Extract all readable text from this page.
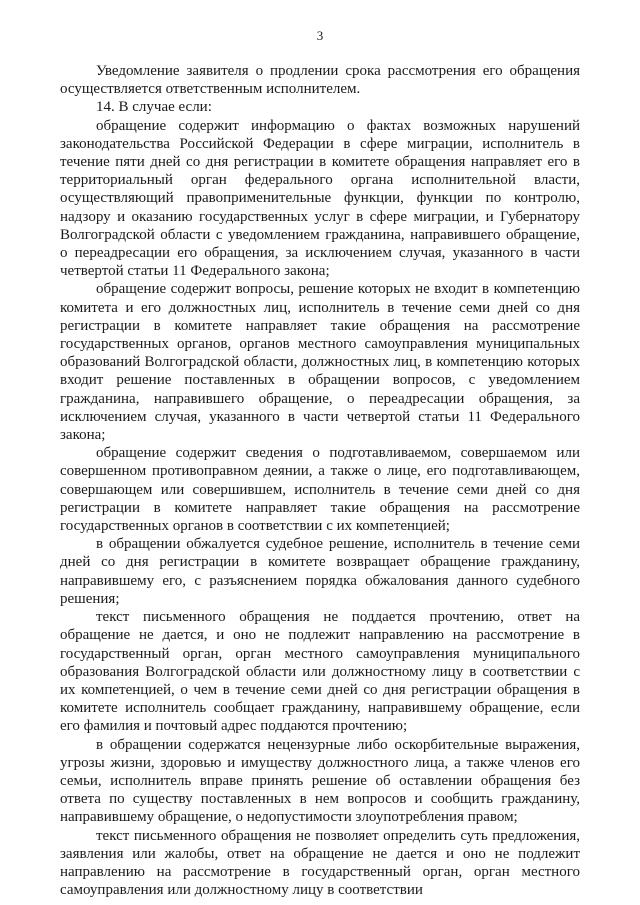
3

Уведомление заявителя о продлении срока рассмотрения его обращения осуществляется ответственным исполнителем.

14. В случае если:

обращение содержит информацию о фактах возможных нарушений законодательства Российской Федерации в сфере миграции, исполнитель в течение пяти дней со дня регистрации в комитете обращения направляет его в территориальный орган федерального органа исполнительной власти, осуществляющий правоприменительные функции, функции по контролю, надзору и оказанию государственных услуг в сфере миграции, и Губернатору Волгоградской области с уведомлением гражданина, направившего обращение, о переадресации его обращения, за исключением случая, указанного в части четвертой статьи 11 Федерального закона;

обращение содержит вопросы, решение которых не входит в компетенцию комитета и его должностных лиц, исполнитель в течение семи дней со дня регистрации в комитете направляет такие обращения на рассмотрение государственных органов, органов местного самоуправления муниципальных образований Волгоградской области, должностных лиц, в компетенцию которых входит решение поставленных в обращении вопросов, с уведомлением гражданина, направившего обращение, о переадресации обращения, за исключением случая, указанного в части четвертой статьи 11 Федерального закона;

обращение содержит сведения о подготавливаемом, совершаемом или совершенном противоправном деянии, а также о лице, его подготавливающем, совершающем или совершившем, исполнитель в течение семи дней со дня регистрации в комитете направляет такие обращения на рассмотрение государственных органов в соответствии с их компетенцией;

в обращении обжалуется судебное решение, исполнитель в течение семи дней со дня регистрации в комитете возвращает обращение гражданину, направившему его, с разъяснением порядка обжалования данного судебного решения;

текст письменного обращения не поддается прочтению, ответ на обращение не дается, и оно не подлежит направлению на рассмотрение в государственный орган, орган местного самоуправления муниципального образования Волгоградской области или должностному лицу в соответствии с их компетенцией, о чем в течение семи дней со дня регистрации обращения в комитете исполнитель сообщает гражданину, направившему обращение, если его фамилия и почтовый адрес поддаются прочтению;

в обращении содержатся нецензурные либо оскорбительные выражения, угрозы жизни, здоровью и имуществу должностного лица, а также членов его семьи, исполнитель вправе принять решение об оставлении обращения без ответа по существу поставленных в нем вопросов и сообщить гражданину, направившему обращение, о недопустимости злоупотребления правом;

текст письменного обращения не позволяет определить суть предложения, заявления или жалобы, ответ на обращение не дается и оно не подлежит направлению на рассмотрение в государственный орган, орган местного самоуправления или должностному лицу в соответствии
